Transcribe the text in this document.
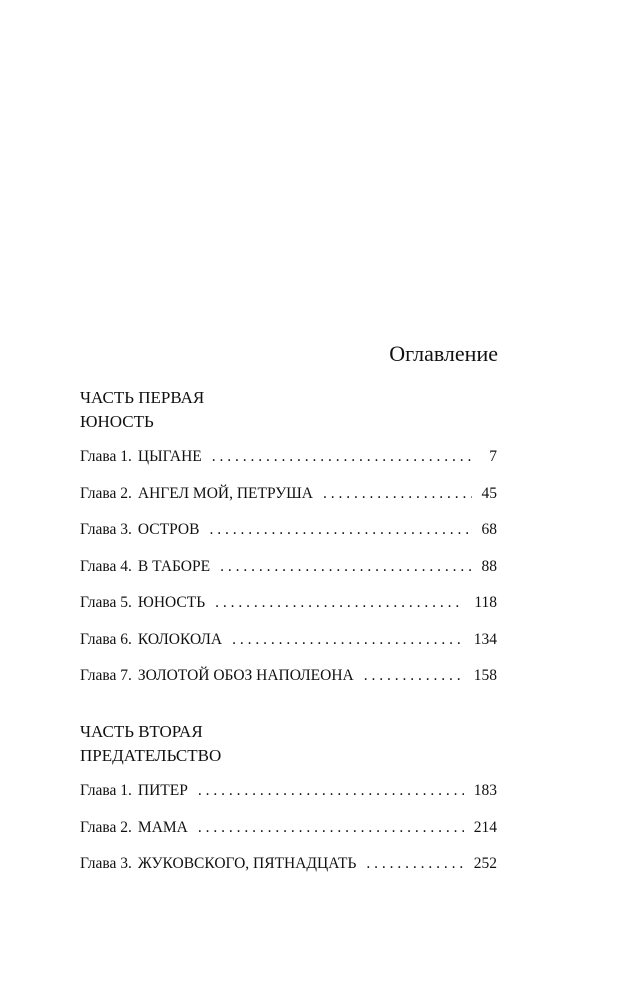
Оглавление
ЧАСТЬ ПЕРВАЯ
ЮНОСТЬ
Глава 1. ЦЫГАНЕ . . .	7
Глава 2. АНГЕЛ МОЙ, ПЕТРУША . . .	45
Глава 3. ОСТРОВ . . .	68
Глава 4. В ТАБОРЕ . . .	88
Глава 5. ЮНОСТЬ . . .	118
Глава 6. КОЛОКОЛА . . .	134
Глава 7. ЗОЛОТОЙ ОБОЗ НАПОЛЕОНА . . .	158
ЧАСТЬ ВТОРАЯ
ПРЕДАТЕЛЬСТВО
Глава 1. ПИТЕР . . .	183
Глава 2. МАМА . . .	214
Глава 3. ЖУКОВСКОГО, ПЯТНАДЦАТЬ . . .	252
